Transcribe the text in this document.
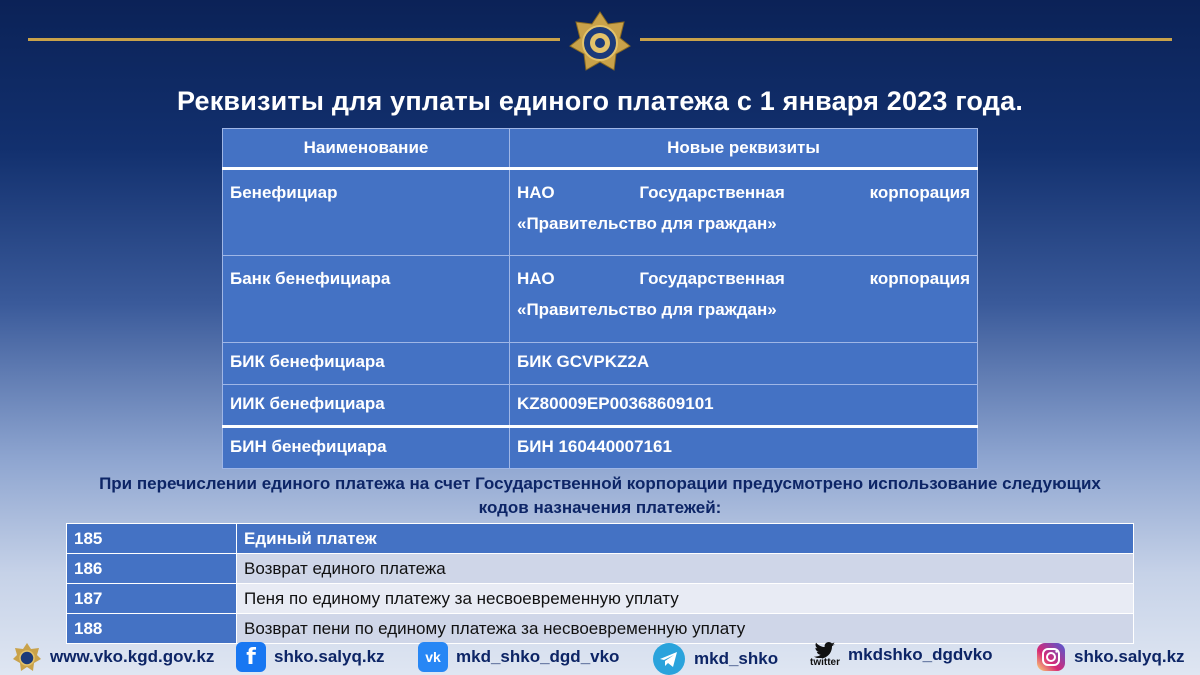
Реквизиты для уплаты единого платежа с 1 января 2023 года.
Наименование	Новые реквизиты
Бенефициар	НАО Государственная корпорация
«Правительство для граждан»
Банк бенефициара	НАО Государственная корпорация
«Правительство для граждан»
БИК бенефициара	БИК GCVPKZ2A
ИИК бенефициара	KZ80009EP00368609101
БИН бенефициара	БИН 160440007161
При перечислении единого платежа на счет Государственной корпорации предусмотрено использование следующих
кодов назначения платежей:
185	Единый платеж
186	Возврат единого платежа
187	Пеня по единому платежу за несвоевременную уплату
188	Возврат пени по единому платежа за несвоевременную уплату
www.vko.kgd.gov.kz	f	shko.salyq.kz	vk mkd_shko_dgd_vko	mkd_shko	twitter mkdshko_dgdvko	shko.salyq.kz
